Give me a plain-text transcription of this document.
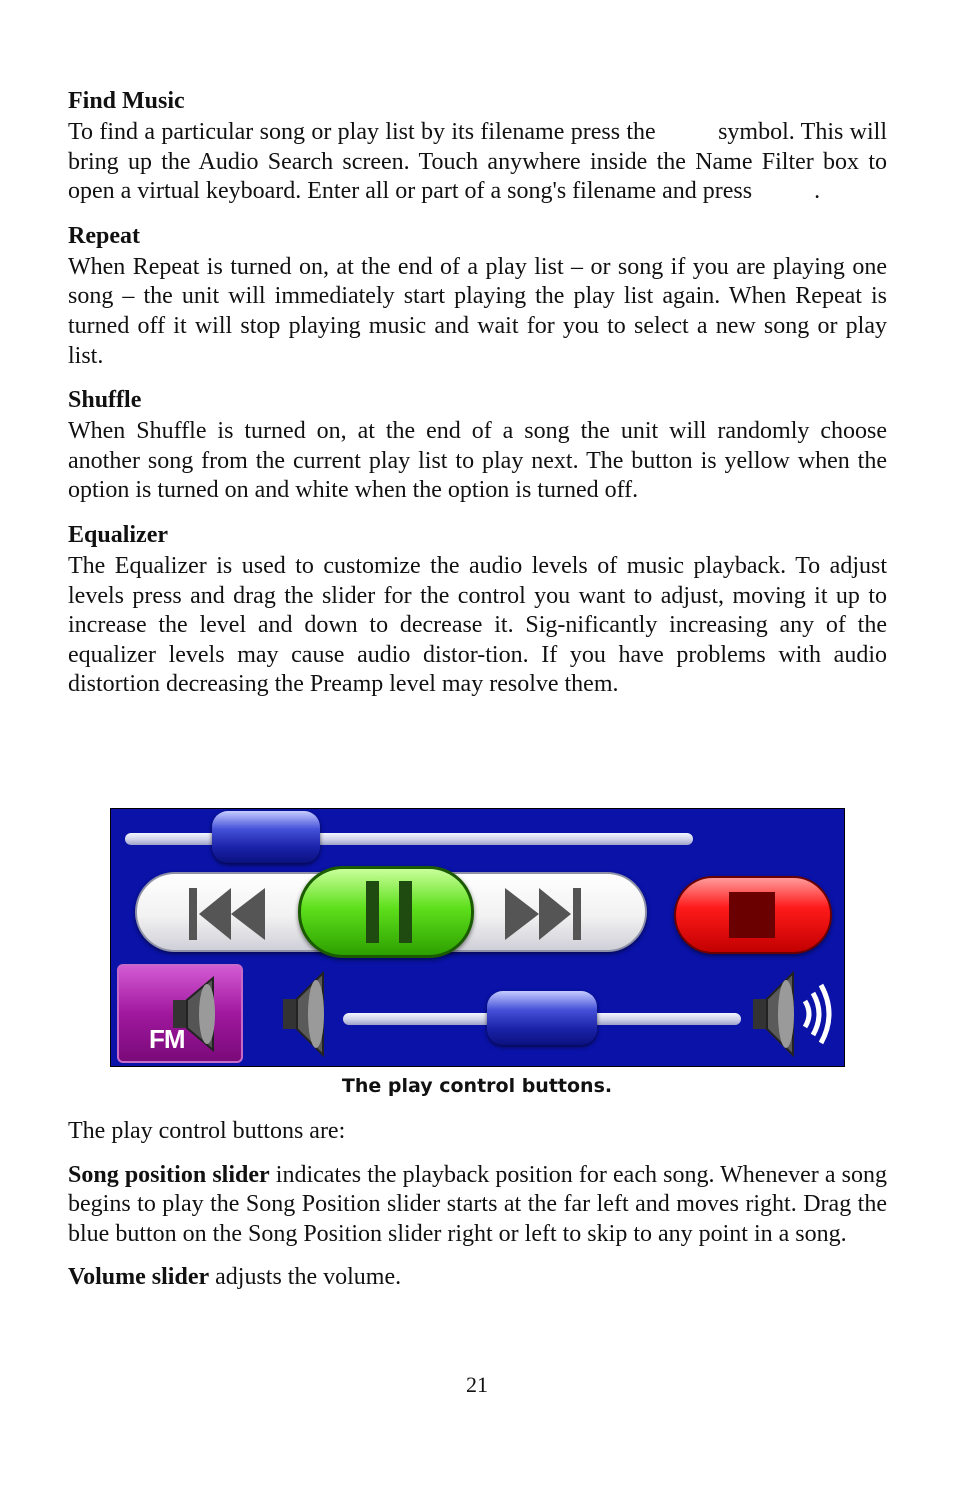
Find Music

To find a particular song or play list by its filename press the	symbol. This will bring up the Audio Search screen. Touch anywhere inside the Name Filter box to open a virtual keyboard. Enter all or part of a song's filename and press	.

Repeat

When Repeat is turned on, at the end of a play list – or song if you are playing one song – the unit will immediately start playing the play list again. When Repeat is turned off it will stop playing music and wait for you to select a new song or play list.

Shuffle

When Shuffle is turned on, at the end of a song the unit will randomly choose another song from the current play list to play next. The button is yellow when the option is turned on and white when the option is turned off.

Equalizer

The Equalizer is used to customize the audio levels of music playback. To adjust levels press and drag the slider for the control you want to adjust, moving it up to increase the level and down to decrease it. Sig-nificantly increasing any of the equalizer levels may cause audio distor-tion. If you have problems with audio distortion decreasing the Preamp level may resolve them.

FM
The play control buttons.

The play control buttons are:

Song position slider indicates the playback position for each song. Whenever a song begins to play the Song Position slider starts at the far left and moves right. Drag the blue button on the Song Position slider right or left to skip to any point in a song.

Volume slider adjusts the volume.

21
